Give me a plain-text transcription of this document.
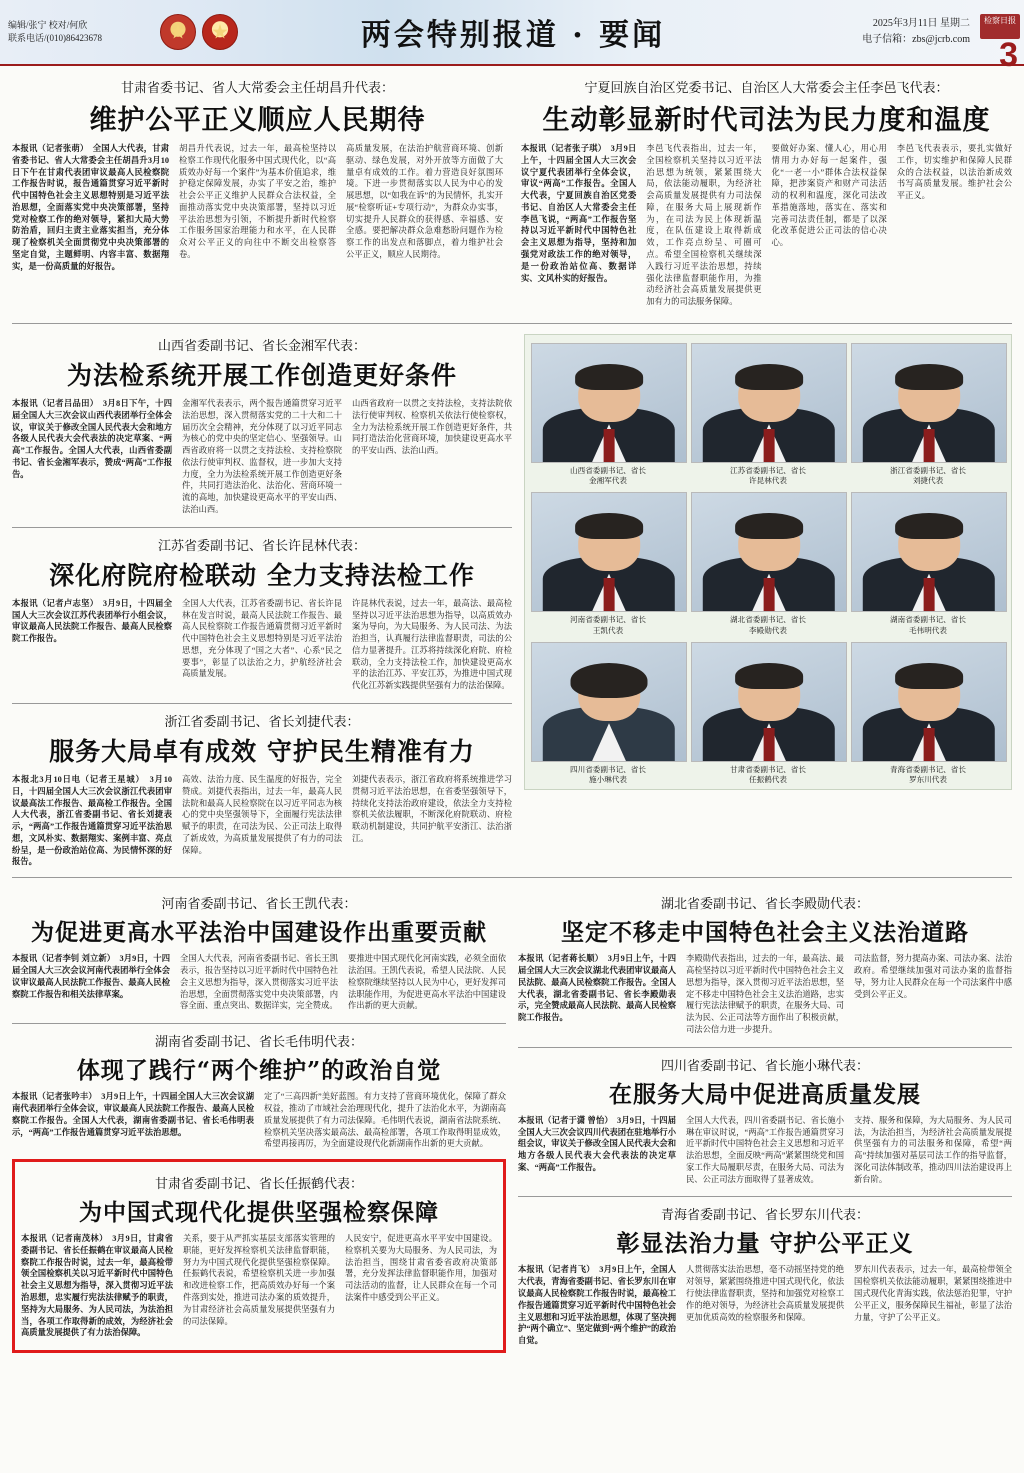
编辑/张宁 校对/何欣
联系电话/(010)86423678	两会特别报道 · 要闻	2025年3月11日 星期二
电子信箱：zbs@jcrb.com
检察日报
3
甘肃省委书记、省人大常委会主任胡昌升代表：
维护公平正义顺应人民期待

本报讯（记者张萌）　全国人大代表，甘肃省委书记、省人大常委会主任胡昌升3月10日下午在甘肃代表团审议最高人民检察院工作报告时说，报告通篇贯穿习近平新时代中国特色社会主义思想特别是习近平法治思想，全面落实党中央决策部署，坚持党对检察工作的绝对领导，紧扣大局大势防治盾，回归主责主业落实担当，充分体现了检察机关全面贯彻党中央决策部署的坚定自觉，主题鲜明、内容丰富、数据翔实，是一份高质量的好报告。

胡昌升代表说，过去一年，最高检坚持以检察工作现代化服务中国式现代化，以“高质效办好每一个案件”为基本价值追求，维护稳定保障发展，办实了平安之治，维护社会公平正义维护人民群众合法权益，全面推动落实党中央决策部署，坚持以习近平法治思想为引领，不断提升新时代检察工作服务国家治理能力和水平，在人民群众对公平正义的向往中不断交出检察答卷。

高质量发展，在法治护航营商环境、创新驱动、绿色发展，对外开放等方面做了大量卓有成效的工作。着力营造良好氛围环境。下进一步贯彻落实以人民为中心的发展思想，以“如我在诉”的为民情怀，扎实开展“检察听证+专项行动”，为群众办实事，切实提升人民群众的获得感、幸福感、安全感。要把解决群众急难愁盼问题作为检察工作的出发点和落脚点，着力维护社会公平正义，顺应人民期待。

宁夏回族自治区党委书记、自治区人大常委会主任李邑飞代表：
生动彰显新时代司法为民力度和温度

本报讯（记者张子琪）　3月9日上午，十四届全国人大三次会议宁夏代表团举行全体会议，审议“两高”工作报告。全国人大代表，宁夏回族自治区党委书记、自治区人大常委会主任李邑飞说，“两高”工作报告坚持以习近平新时代中国特色社会主义思想为指导，坚持和加强党对政法工作的绝对领导，是一份政治站位高、数据详实、文风朴实的好报告。

李邑飞代表指出，过去一年，全国检察机关坚持以习近平法治思想为统领，紧紧围绕大局，依法能动履职，为经济社会高质量发展提供有力司法保障，在服务大局上展现新作为，在司法为民上体现新温度，在队伍建设上取得新成效，工作亮点纷呈、可圈可点。希望全国检察机关继续深入践行习近平法治思想，持续强化法律监督职能作用，为推动经济社会高质量发展提供更加有力的司法服务保障。

要做好办案、懂人心，用心用情用力办好每一起案件，强化“一老一小”群体合法权益保障，把涉案资产和财产司法活动的权利和温度，深化司法改革措施落地，落实在、落实和完善司法责任制，都是了以深化改革促进公正司法的信心决心。

李邑飞代表表示，要扎实做好工作，切实维护和保障人民群众的合法权益，以法治新成效书写高质量发展。维护社会公平正义。

山西省委副书记、省长金湘军代表：
为法检系统开展工作创造更好条件

本报讯（记者吕品田）　3月8日下午，十四届全国人大三次会议山西代表团举行全体会议，审议关于修改全国人民代表大会和地方各级人民代表大会代表法的决定草案、“两高”工作报告。全国人大代表，山西省委副书记、省长金湘军表示，赞成“两高”工作报告。

金湘军代表表示，两个报告通篇贯穿习近平法治思想，深入贯彻落实党的二十大和二十届历次全会精神，充分体现了以习近平同志为核心的党中央的坚定信心、坚强领导。山西省政府将一以贯之支持法检、支持检察院依法行使审判权、监督权，进一步加大支持力度，全力为法检系统开展工作创造更好条件，共同打造法治化、法治化、营商环境一流的高地，加快建设更高水平的平安山西、法治山西。

山西省政府一以贯之支持法检，支持法院依法行使审判权、检察机关依法行使检察权，全力为法检系统开展工作创造更好条件，共同打造法治化营商环境，加快建设更高水平的平安山西、法治山西。

江苏省委副书记、省长许昆林代表：
深化府院府检联动 全力支持法检工作

本报讯（记者卢志坚）　3月9日，十四届全国人大三次会议江苏代表团举行小组会议，审议最高人民法院工作报告、最高人民检察院工作报告。

全国人大代表，江苏省委副书记、省长许昆林在发言时说，最高人民法院工作报告、最高人民检察院工作报告通篇贯彻习近平新时代中国特色社会主义思想特别是习近平法治思想，充分体现了“国之大者”、心系“民之要事”，彰显了以法治之力，护航经济社会高质量发展。

许昆林代表说，过去一年，最高法、最高检坚持以习近平法治思想为指导，以高质效办案为导向，为大局服务、为人民司法、为法治担当，认真履行法律监督职责，司法的公信力显著提升。江苏将持续深化府院、府检联动，全力支持法检工作，加快建设更高水平的法治江苏、平安江苏，为推进中国式现代化江苏新实践提供坚强有力的法治保障。

浙江省委副书记、省长刘捷代表：
服务大局卓有成效 守护民生精准有力

本报北3月10日电（记者王星城）　3月10日，十四届全国人大三次会议浙江代表团审议最高法工作报告、最高检工作报告。全国人大代表，浙江省委副书记、省长刘捷表示，“两高”工作报告通篇贯穿习近平法治思想，文风朴实、数据翔实、案例丰富、亮点纷呈，是一份政治站位高、为民情怀深的好报告。

高效、法治力度、民生温度的好报告，完全赞成。刘捷代表指出，过去一年，最高人民法院和最高人民检察院在以习近平同志为核心的党中央坚强领导下，全面履行宪法法律赋予的职责，在司法为民、公正司法上取得了新成效，为高质量发展提供了有力的司法保障。

刘捷代表表示，浙江省政府将系统推进学习贯彻习近平法治思想，在省委坚强领导下，持续化支持法治政府建设，依法全力支持检察机关依法履职，不断深化府院联动、府检联动机制建设，共同护航平安浙江、法治浙江。

山西省委副书记、省长
金湘军代表
江苏省委副书记、省长
许昆林代表
浙江省委副书记、省长
刘捷代表
河南省委副书记、省长
王凯代表
湖北省委副书记、省长
李殿勋代表
湖南省委副书记、省长
毛伟明代表
四川省委副书记、省长
施小琳代表
甘肃省委副书记、省长
任振鹤代表
青海省委副书记、省长
罗东川代表
河南省委副书记、省长王凯代表：
为促进更高水平法治中国建设作出重要贡献

本报讯（记者李钊 刘立新）　3月9日，十四届全国人大三次会议河南代表团举行全体会议审议最高人民法院工作报告、最高人民检察院工作报告和相关法律草案。

全国人大代表，河南省委副书记、省长王凯表示，报告坚持以习近平新时代中国特色社会主义思想为指导，深入贯彻落实习近平法治思想，全面贯彻落实党中央决策部署，内容全面、重点突出、数据详实，完全赞成。

要推进中国式现代化河南实践，必须全面依法治国。王凯代表说，希望人民法院、人民检察院继续坚持以人民为中心，更好发挥司法职能作用，为促进更高水平法治中国建设作出新的更大贡献。

湖南省委副书记、省长毛伟明代表：
体现了践行“两个维护”的政治自觉

本报讯（记者张吟丰）　3月9日上午，十四届全国人大三次会议湖南代表团举行全体会议，审议最高人民法院工作报告、最高人民检察院工作报告。全国人大代表，湖南省委副书记、省长毛伟明表示，“两高”工作报告通篇贯穿习近平法治思想。

定了“三高四新”美好蓝图。有力支持了营商环境优化，保障了群众权益，推动了市域社会治理现代化，提升了法治化水平，为湖南高质量发展提供了有力司法保障。毛伟明代表说，湖南省法院系统、检察机关坚决落实最高法、最高检部署，各项工作取得明显成效，希望再接再厉，为全面建设现代化新湖南作出新的更大贡献。

甘肃省委副书记、省长任振鹤代表：
为中国式现代化提供坚强检察保障

本报讯（记者南茂林）　3月9日，甘肃省委副书记、省长任振鹤在审议最高人民检察院工作报告时说，过去一年，最高检带领全国检察机关以习近平新时代中国特色社会主义思想为指导，深入贯彻习近平法治思想，忠实履行宪法法律赋予的职责，坚持为大局服务、为人民司法，为法治担当，各项工作取得新的成效，为经济社会高质量发展提供了有力法治保障。

关系，要于从严抓实基层支部落实管理的职能，更好发挥检察机关法律监督职能，努力为中国式现代化提供坚强检察保障。任振鹤代表说，希望检察机关进一步加强和改进检察工作，把高质效办好每一个案件落到实处，推进司法办案的质效提升，为甘肃经济社会高质量发展提供坚强有力的司法保障。

人民安宁，促进更高水平平安中国建设。检察机关要为大局服务、为人民司法，为法治担当，围绕甘肃省委省政府决策部署，充分发挥法律监督职能作用，加强对司法活动的监督，让人民群众在每一个司法案件中感受到公平正义。

湖北省委副书记、省长李殿勋代表：
坚定不移走中国特色社会主义法治道路

本报讯（记者蒋长顺）　3月9日上午，十四届全国人大三次会议湖北代表团审议最高人民法院、最高人民检察院工作报告。全国人大代表，湖北省委副书记、省长李殿勋表示，完全赞成最高人民法院、最高人民检察院工作报告。

李殿勋代表指出，过去的一年，最高法、最高检坚持以习近平新时代中国特色社会主义思想为指导，深入贯彻习近平法治思想，坚定不移走中国特色社会主义法治道路，忠实履行宪法法律赋予的职责，在服务大局、司法为民、公正司法等方面作出了积极贡献，司法公信力进一步提升。

司法监督，努力提高办案、司法办案、法治政府。希望继续加强对司法办案的监督指导，努力让人民群众在每一个司法案件中感受到公平正义。

四川省委副书记、省长施小琳代表：
在服务大局中促进高质量发展

本报讯（记者于潇 曾怡）　3月9日，十四届全国人大三次会议四川代表团在驻地举行小组会议，审议关于修改全国人民代表大会和地方各级人民代表大会代表法的决定草案、“两高”工作报告。

全国人大代表，四川省委副书记、省长施小琳在审议时说，“两高”工作报告通篇贯穿习近平新时代中国特色社会主义思想和习近平法治思想，全面反映“两高”紧紧围绕党和国家工作大局履职尽责，在服务大局、司法为民、公正司法方面取得了显著成效。

支持、服务和保障，为大局服务、为人民司法，为法治担当，为经济社会高质量发展提供坚强有力的司法服务和保障，希望“两高”持续加强对基层司法工作的指导监督，深化司法体制改革，推动四川法治建设再上新台阶。

青海省委副书记、省长罗东川代表：
彰显法治力量 守护公平正义

本报讯（记者肖飞）　3月9日上午，全国人大代表，青海省委副书记、省长罗东川在审议最高人民检察院工作报告时说，最高检工作报告通篇贯穿习近平新时代中国特色社会主义思想和习近平法治思想，体现了坚决拥护“两个确立”、坚定做到“两个维护”的政治自觉。

人贯彻落实法治思想，毫不动摇坚持党的绝对领导，紧紧围绕推进中国式现代化，依法行使法律监督职责，坚持和加强党对检察工作的绝对领导，为经济社会高质量发展提供更加优质高效的检察服务和保障。

罗东川代表表示，过去一年，最高检带领全国检察机关依法能动履职，紧紧围绕推进中国式现代化青海实践，依法惩治犯罪，守护公平正义，服务保障民生福祉，彰显了法治力量，守护了公平正义。
